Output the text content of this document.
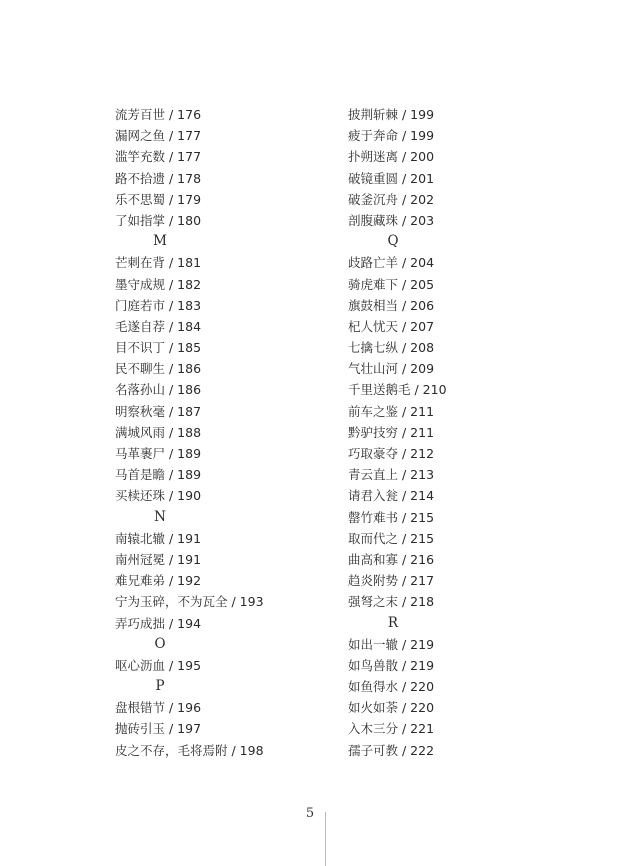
流芳百世 / 176
漏网之鱼 / 177
滥竽充数 / 177
路不拾遗 / 178
乐不思蜀 / 179
了如指掌 / 180
M
芒刺在背 / 181
墨守成规 / 182
门庭若市 / 183
毛遂自荐 / 184
目不识丁 / 185
民不聊生 / 186
名落孙山 / 186
明察秋毫 / 187
满城风雨 / 188
马革裹尸 / 189
马首是瞻 / 189
买椟还珠 / 190
N
南辕北辙 / 191
南州冠冕 / 191
难兄难弟 / 192
宁为玉碎，不为瓦全 / 193
弄巧成拙 / 194
O
呕心沥血 / 195
P
盘根错节 / 196
抛砖引玉 / 197
皮之不存，毛将焉附 / 198
披荆斩棘 / 199
疲于奔命 / 199
扑朔迷离 / 200
破镜重圆 / 201
破釜沉舟 / 202
剖腹藏珠 / 203
Q
歧路亡羊 / 204
骑虎难下 / 205
旗鼓相当 / 206
杞人忧天 / 207
七擒七纵 / 208
气壮山河 / 209
千里送鹅毛 / 210
前车之鉴 / 211
黔驴技穷 / 211
巧取豪夺 / 212
青云直上 / 213
请君入瓮 / 214
罄竹难书 / 215
取而代之 / 215
曲高和寡 / 216
趋炎附势 / 217
强弩之末 / 218
R
如出一辙 / 219
如鸟兽散 / 219
如鱼得水 / 220
如火如荼 / 220
入木三分 / 221
孺子可教 / 222
5
